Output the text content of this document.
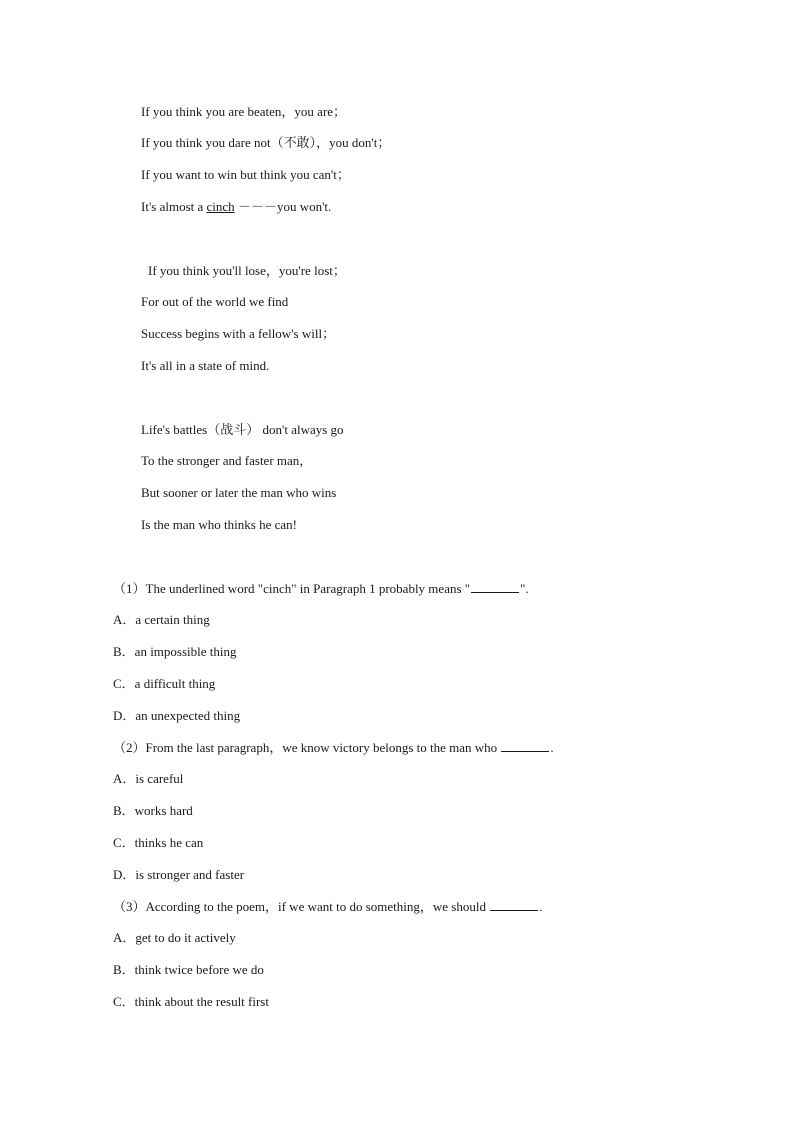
If you think you are beaten，you are；
If you think you dare not（不敢），you don't；
If you want to win but think you can't；
It's almost a cinch －－－you won't.
If you think you'll lose，you're lost；
For out of the world we find
Success begins with a fellow's will；
It's all in a state of mind.
Life's battles（战斗） don't always go
To the stronger and faster man，
But sooner or later the man who wins
Is the man who thinks he can!
（1）The underlined word "cinch" in Paragraph 1 probably means "	".
A．a certain thing
B．an impossible thing
C．a difficult thing
D．an unexpected thing
（2）From the last paragraph，we know victory belongs to the man who	.
A．is careful
B．works hard
C．thinks he can
D．is stronger and faster
（3）According to the poem，if we want to do something，we should	.
A．get to do it actively
B．think twice before we do
C．think about the result first
